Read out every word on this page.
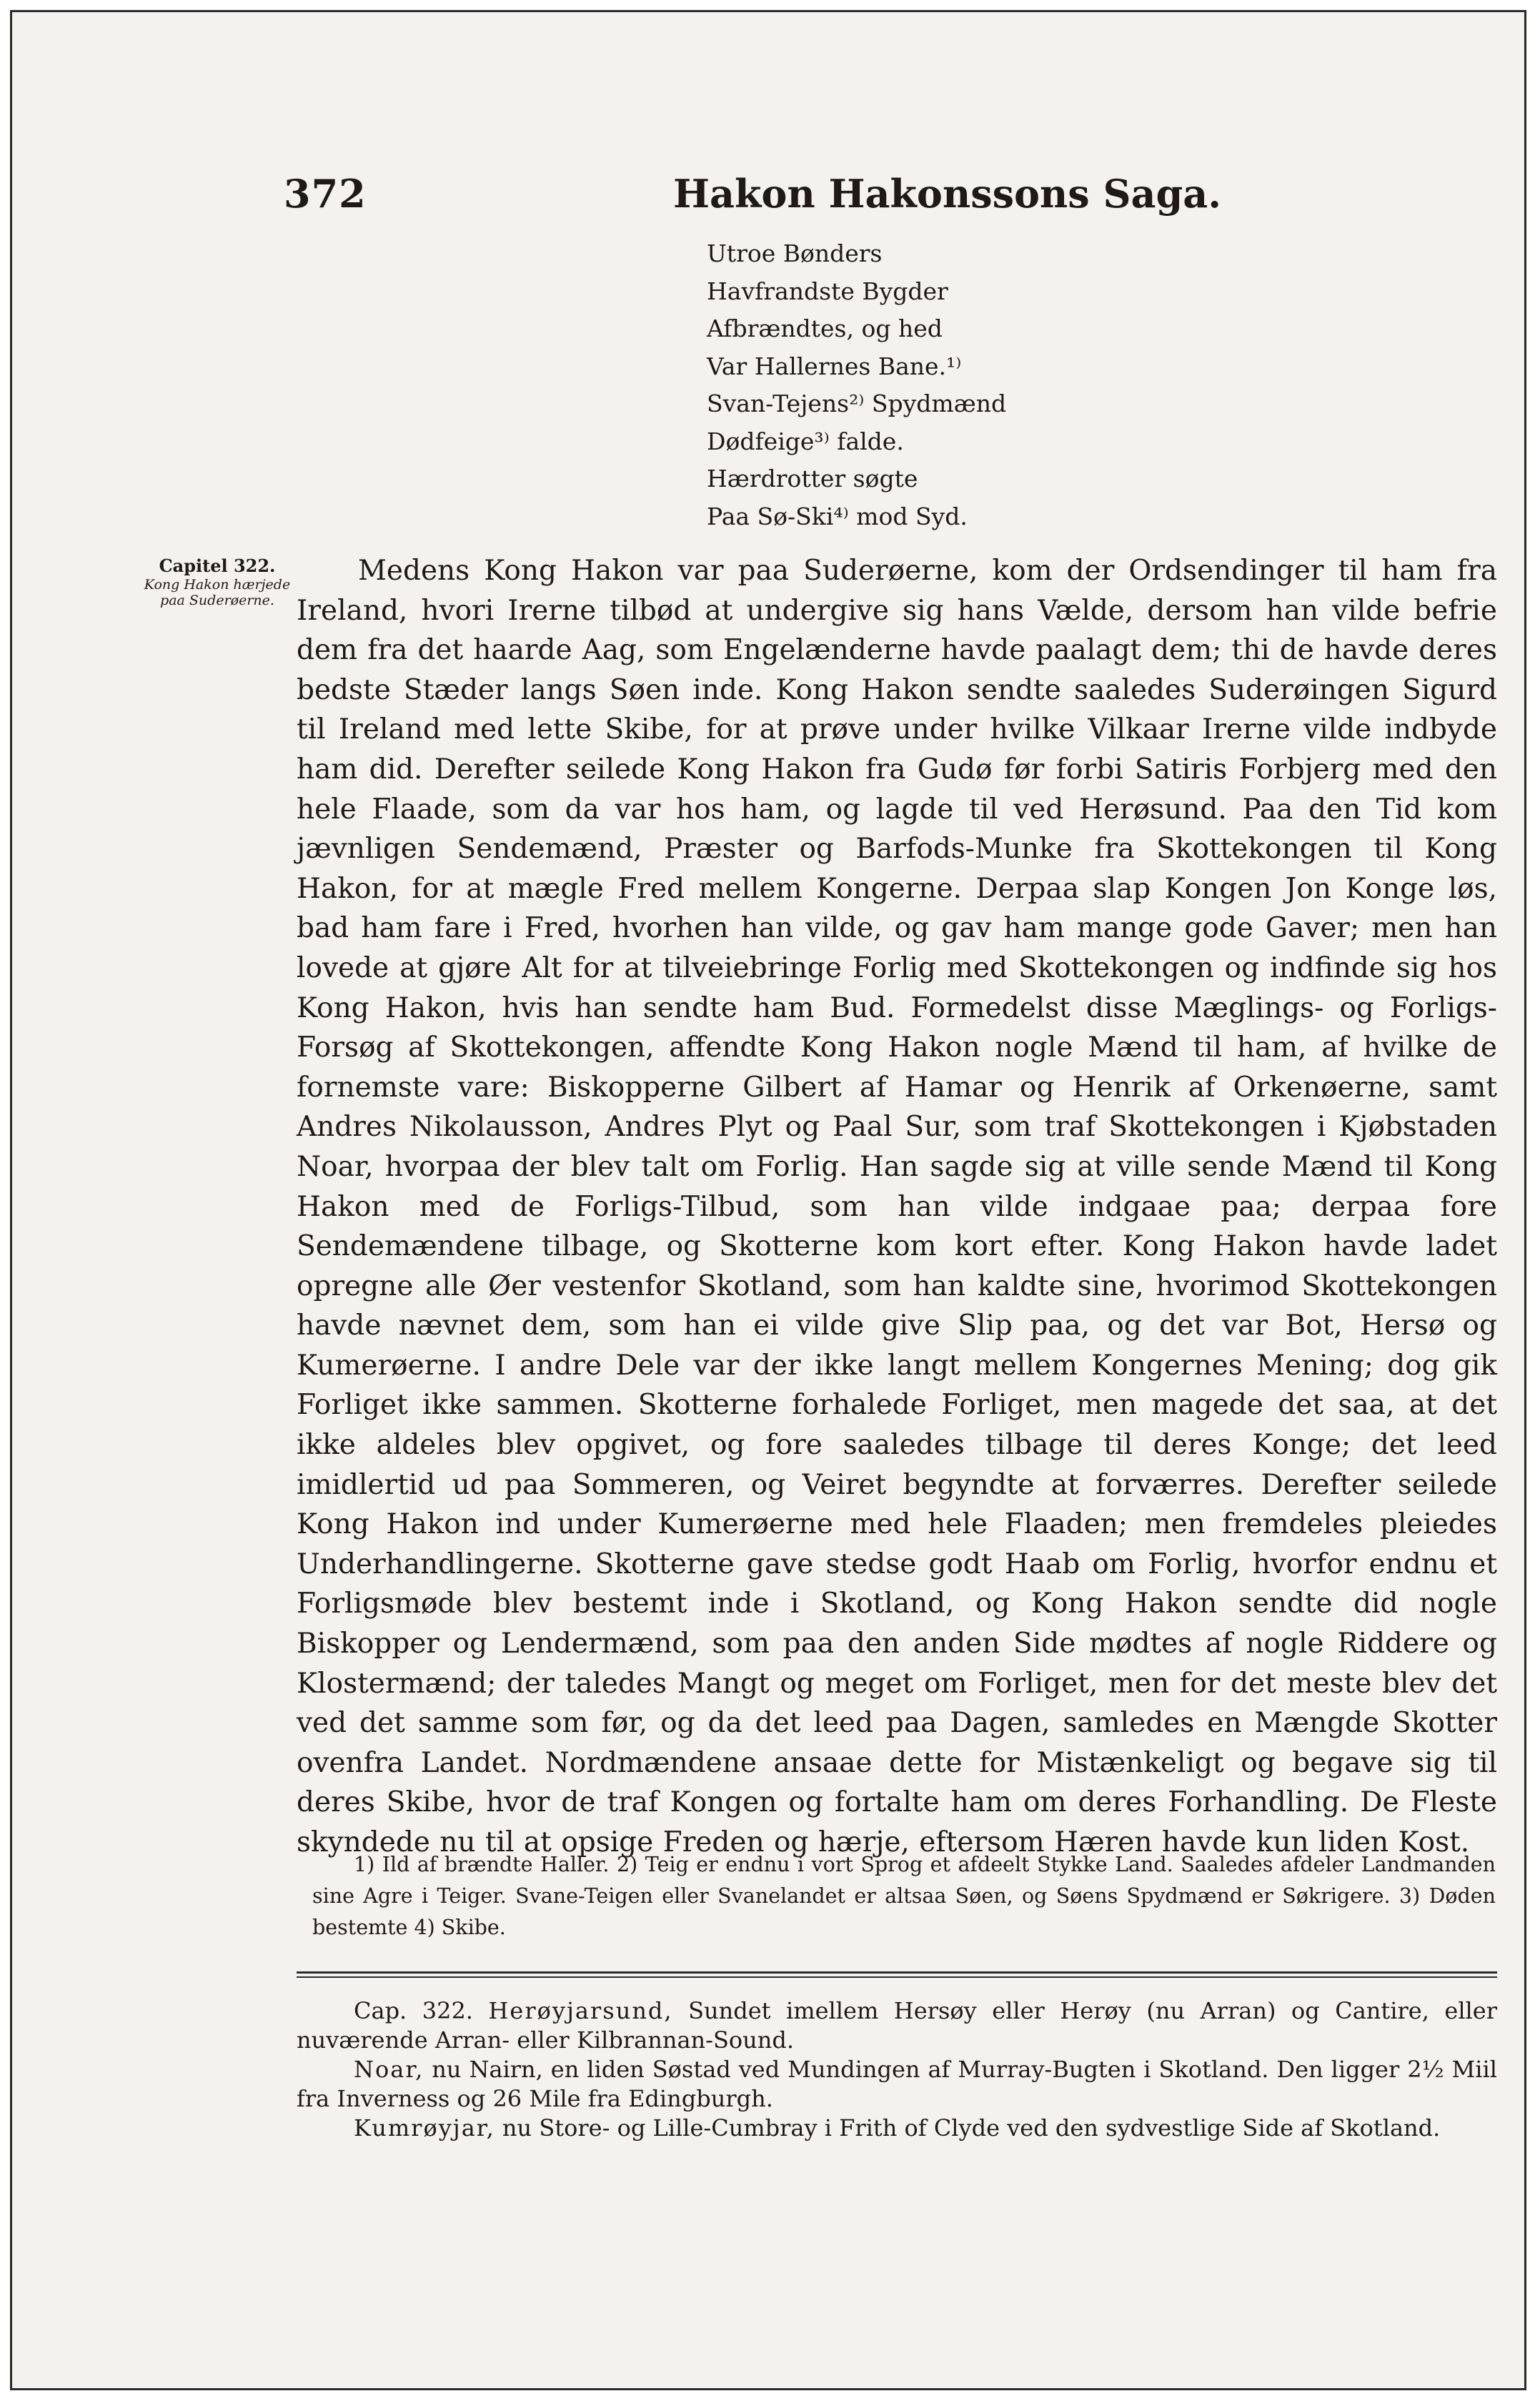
372	Hakon Hakonssons Saga.
Utroe Bønders
Havfrandste Bygder
Afbrændtes, og hed
Var Hallernes Bane.¹⁾
Svan-Tejens²⁾ Spydmænd
Dødfeige³⁾ falde.
Hærdrotter søgte
Paa Sø-Ski⁴⁾ mod Syd.
Capitel 322.
Kong Hakon hærjede paa Suderøerne.

Medens Kong Hakon var paa Suderøerne, kom der Ordsendinger til ham fra Ireland, hvori Irerne tilbød at undergive sig hans Vælde, dersom han vilde befrie dem fra det haarde Aag, som Engelænderne havde paalagt dem; thi de havde deres bedste Stæder langs Søen inde. Kong Hakon sendte saaledes Suderøingen Sigurd til Ireland med lette Skibe, for at prøve under hvilke Vilkaar Irerne vilde indbyde ham did. Derefter seilede Kong Hakon fra Gudø før forbi Satiris Forbjerg med den hele Flaade, som da var hos ham, og lagde til ved Herøsund. Paa den Tid kom jævnligen Sendemænd, Præster og Barfods-Munke fra Skottekongen til Kong Hakon, for at mægle Fred mellem Kongerne. Derpaa slap Kongen Jon Konge løs, bad ham fare i Fred, hvorhen han vilde, og gav ham mange gode Gaver; men han lovede at gjøre Alt for at tilveiebringe Forlig med Skottekongen og indfinde sig hos Kong Hakon, hvis han sendte ham Bud. Formedelst disse Mæglings- og Forligs-Forsøg af Skottekongen, affendte Kong Hakon nogle Mænd til ham, af hvilke de fornemste vare: Biskopperne Gilbert af Hamar og Henrik af Orkenøerne, samt Andres Nikolausson, Andres Plyt og Paal Sur, som traf Skottekongen i Kjøbstaden Noar, hvorpaa der blev talt om Forlig. Han sagde sig at ville sende Mænd til Kong Hakon med de Forligs-Tilbud, som han vilde indgaae paa; derpaa fore Sendemændene tilbage, og Skotterne kom kort efter. Kong Hakon havde ladet opregne alle Øer vestenfor Skotland, som han kaldte sine, hvorimod Skottekongen havde nævnet dem, som han ei vilde give Slip paa, og det var Bot, Hersø og Kumerøerne. I andre Dele var der ikke langt mellem Kongernes Mening; dog gik Forliget ikke sammen. Skotterne forhalede Forliget, men magede det saa, at det ikke aldeles blev opgivet, og fore saaledes tilbage til deres Konge; det leed imidlertid ud paa Sommeren, og Veiret begyndte at forværres. Derefter seilede Kong Hakon ind under Kumerøerne med hele Flaaden; men fremdeles pleiedes Underhandlingerne. Skotterne gave stedse godt Haab om Forlig, hvorfor endnu et Forligsmøde blev bestemt inde i Skotland, og Kong Hakon sendte did nogle Biskopper og Lendermænd, som paa den anden Side mødtes af nogle Riddere og Klostermænd; der taledes Mangt og meget om Forliget, men for det meste blev det ved det samme som før, og da det leed paa Dagen, samledes en Mængde Skotter ovenfra Landet. Nordmændene ansaae dette for Mistænkeligt og begave sig til deres Skibe, hvor de traf Kongen og fortalte ham om deres Forhandling. De Fleste skyndede nu til at opsige Freden og hærje, eftersom Hæren havde kun liden Kost.

1) Ild af brændte Haller. 2) Teig er endnu i vort Sprog et afdeelt Stykke Land. Saaledes afdeler Landmanden sine Agre i Teiger. Svane-Teigen eller Svanelandet er altsaa Søen, og Søens Spydmænd er Søkrigere. 3) Døden bestemte 4) Skibe.

Cap. 322. Herøyjarsund, Sundet imellem Hersøy eller Herøy (nu Arran) og Cantire, eller nuværende Arran- eller Kilbrannan-Sound.

Noar, nu Nairn, en liden Søstad ved Mundingen af Murray-Bugten i Skotland. Den ligger 2½ Miil fra Inverness og 26 Mile fra Edingburgh.

Kumrøyjar, nu Store- og Lille-Cumbray i Frith of Clyde ved den sydvestlige Side af Skotland.
